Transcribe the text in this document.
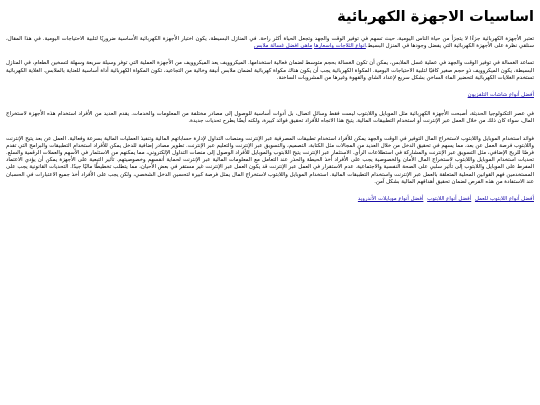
اساسيات الاجهزة الكهربائية

تعتبر الأجهزة الكهربائية جزءًا لا يتجزأ من حياة الناس اليومية، حيث تسهم في توفير الوقت والجهد وتجعل الحياة أكثر راحة. في المنازل البسيطة، يكون اختيار الأجهزة الكهربائية الأساسية ضروريًا لتلبية الاحتياجات اليومية. في هذا المقال، سنلقي نظرة على الأجهزة الكهربائية التي يفضل وجودها في المنزل البسيط.انواع الثلاجات واسعارها ماهي افضل غسالة ملابس

تساعد الغسالة في توفير الوقت والجهد في عملية غسل الملابس، يمكن أن تكون الغسالة بحجم متوسط لضمان فعالية استخدامها. الميكروويف يعد الميكروويف من الأجهزة العملية التي توفر وسيلة سريعة وسهلة لتسخين الطعام، في المنازل البسيطة، يكون الميكروويف ذو حجم صغير كافيًا لتلبية الاحتياجات اليومية. المكواة الكهربائية يجب أن يكون هناك مكواة كهربائية لضمان ملابس أنيقة وخالية من التجاعيد، تكون المكواة الكهربائية أداة أساسية للعناية بالملابس. الغلاية الكهربائية تستخدم الغلايات الكهربائية لتحضير الماء الساخن بشكل سريع لإعداد الشاي والقهوة وغيرها من المشروبات الساخنة.

أفضل أنواع شاشات التلفزيون

في عصر التكنولوجيا الحديثة، أصبحت الأجهزة الكهربائية مثل الموبايل واللابتوب ليست فقط وسائل اتصال، بل أدوات أساسية للوصول إلى مصادر مختلفة من المعلومات والخدمات. يقدم العديد من الأفراد استخدام هذه الأجهزة لاستخراج المال، سواء كان ذلك من خلال العمل عبر الإنترنت أو استخدام التطبيقات المالية. يتيح هذا الاتجاه للأفراد تحقيق فوائد كبيرة، ولكنه أيضًا يطرح تحديات جديدة.

فوائد استخدام الموبايل واللابتوب لاستخراج المال التوفير في الوقت والجهد يمكن للأفراد استخدام تطبيقات المصرفية عبر الإنترنت ومنصات التداول لإدارة حساباتهم المالية وتنفيذ العمليات المالية بسرعة وفعالية. العمل عن بعد يتيح الإنترنت واللابتوب فرصة العمل عن بعد، مما يسهم في تحقيق الدخل من خلال العديد من المجالات مثل الكتابة، التصميم، والتسويق عبر الإنترنت والتعليم عبر الإنترنت. تطوير مصادر إضافية للدخل يمكن للأفراد استخدام التطبيقات والبرامج التي تقدم فرصًا للربح الإضافي، مثل التسويق عبر الإنترنت والمشاركة في استطلاعات الرأي. الاستثمار عبر الإنترنت يتيح اللابتوب والموبايل للأفراد الوصول إلى منصات التداول الإلكتروني، مما يمكنهم من الاستثمار في الأسهم والعملات الرقمية والسلع. تحديات استخدام الموبايل واللابتوب لاستخراج المال الأمان والخصوصية يجب على الأفراد أخذ الحيطة والحذر عند التعامل مع المعلومات المالية عبر الإنترنت لحماية أنفسهم وخصوصيتهم. تأثير التبعية على الأجهزة يمكن أن يؤدي الاعتماد المفرط على الموبايل واللابتوب إلى تأثير سلبي على الصحة النفسية والاجتماعية. عدم الاستقرار في العمل عبر الإنترنت قد يكون العمل عبر الإنترنت غير مستقر في بعض الأحيان، مما يتطلب تخطيطًا ماليًا جيدًا. التحديات القانونية يجب على المستخدمين فهم القوانين المحلية المتعلقة بالعمل عبر الإنترنت واستخدام التطبيقات المالية. استخدام الموبايل واللابتوب لاستخراج المال يمثل فرصة كبيرة لتحسين الدخل الشخصي، ولكن يجب على الأفراد أخذ جميع الاعتبارات في الحسبان عند الاستفادة من هذه الفرص لضمان تحقيق أهدافهم المالية بشكل آمن.

أفضل أنواع اللابتوب للعمل أفضل أنواع اللابتوب أفضل أنواع موبايلات الأندرويد
